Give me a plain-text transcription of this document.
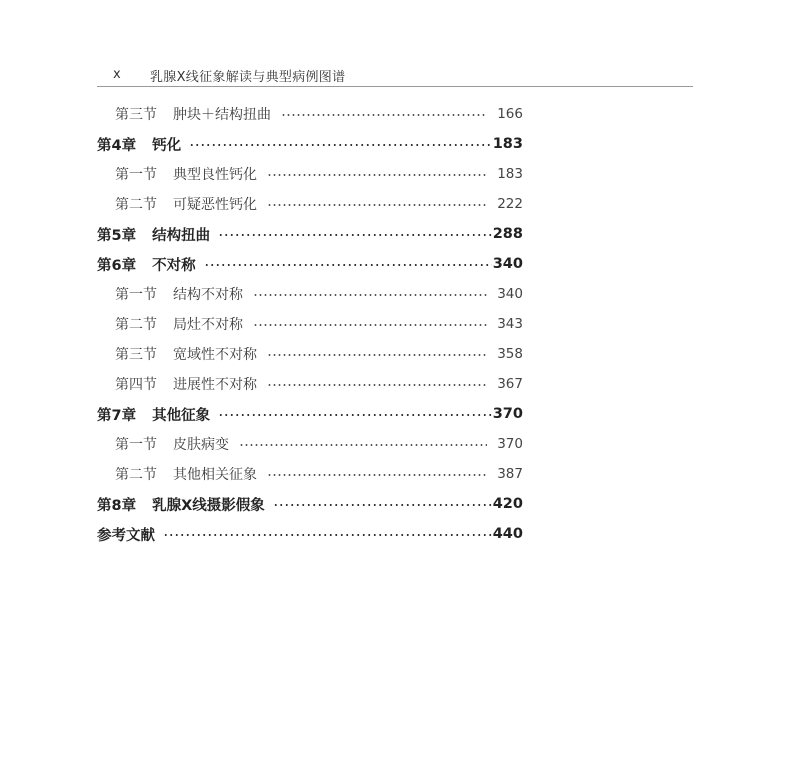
x 乳腺X线征象解读与典型病例图谱
第三节 肿块＋结构扭曲	166
第4章 钙化	183
第一节 典型良性钙化	183
第二节 可疑恶性钙化	222
第5章 结构扭曲	288
第6章 不对称	340
第一节 结构不对称	340
第二节 局灶不对称	343
第三节 宽域性不对称	358
第四节 进展性不对称	367
第7章 其他征象	370
第一节 皮肤病变	370
第二节 其他相关征象	387
第8章 乳腺X线摄影假象	420
参考文献	440
